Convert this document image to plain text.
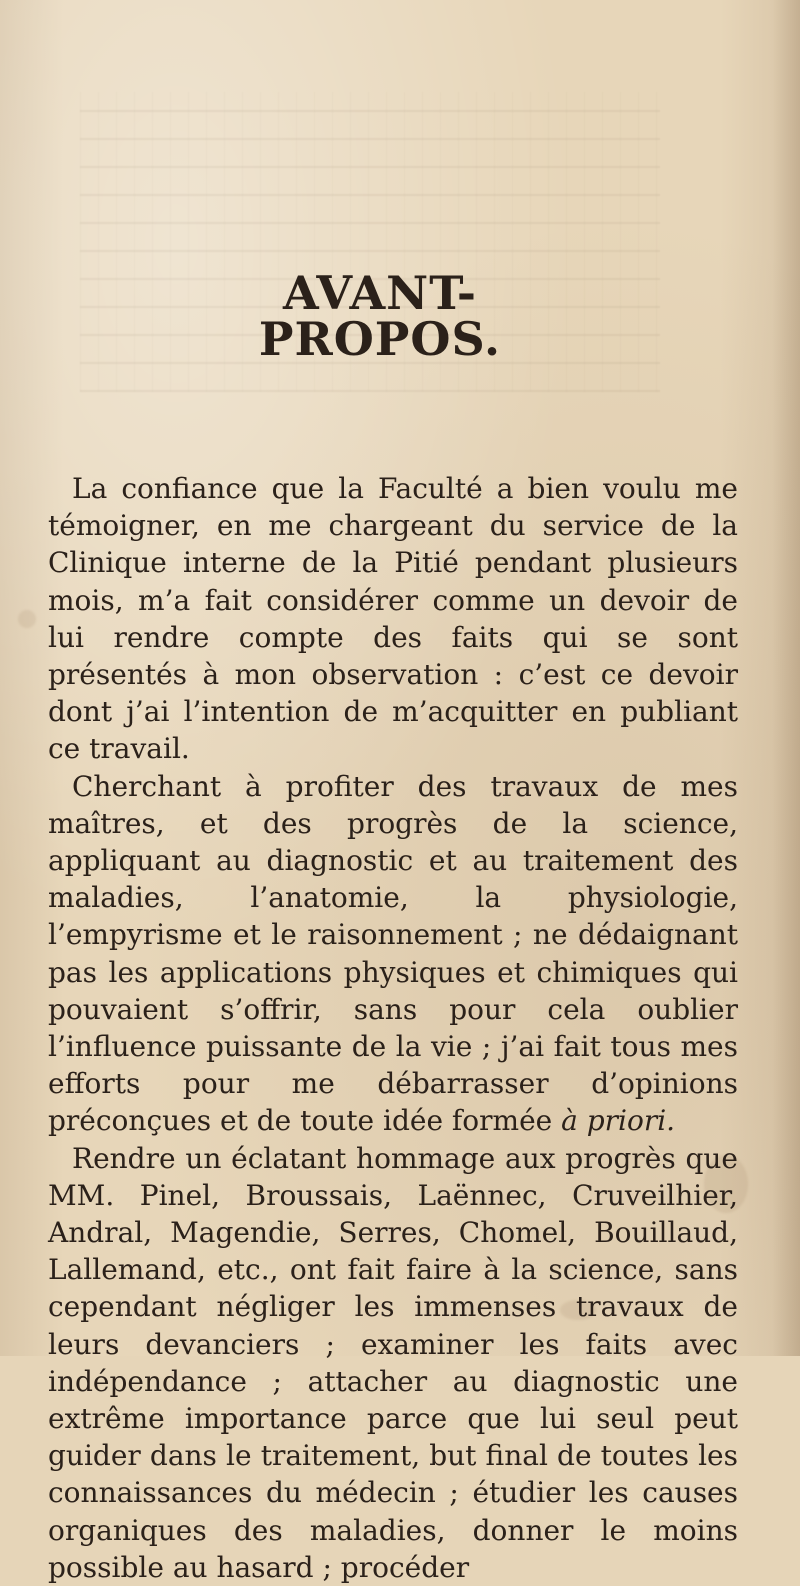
AVANT-PROPOS.

La confiance que la Faculté a bien voulu me témoigner, en me chargeant du service de la Clinique interne de la Pitié pendant plusieurs mois, m’a fait considérer comme un devoir de lui rendre compte des faits qui se sont présentés à mon observation : c’est ce devoir dont j’ai l’intention de m’acquitter en publiant ce travail.

Cherchant à profiter des travaux de mes maîtres, et des progrès de la science, appliquant au diagnostic et au traitement des maladies, l’anatomie, la physiologie, l’empyrisme et le raisonnement ; ne dédaignant pas les applications physiques et chimiques qui pouvaient s’offrir, sans pour cela oublier l’influence puissante de la vie ; j’ai fait tous mes efforts pour me débarrasser d’opinions préconçues et de toute idée formée à priori.

Rendre un éclatant hommage aux progrès que MM. Pinel, Broussais, Laënnec, Cruveilhier, Andral, Magendie, Serres, Chomel, Bouillaud, Lallemand, etc., ont fait faire à la science, sans cependant négliger les immenses travaux de leurs devanciers ; examiner les faits avec indépendance ; attacher au diagnostic une extrême importance parce que lui seul peut guider dans le traitement, but final de toutes les connaissances du médecin ; étudier les causes organiques des maladies, donner le moins possible au hasard ; procéder
